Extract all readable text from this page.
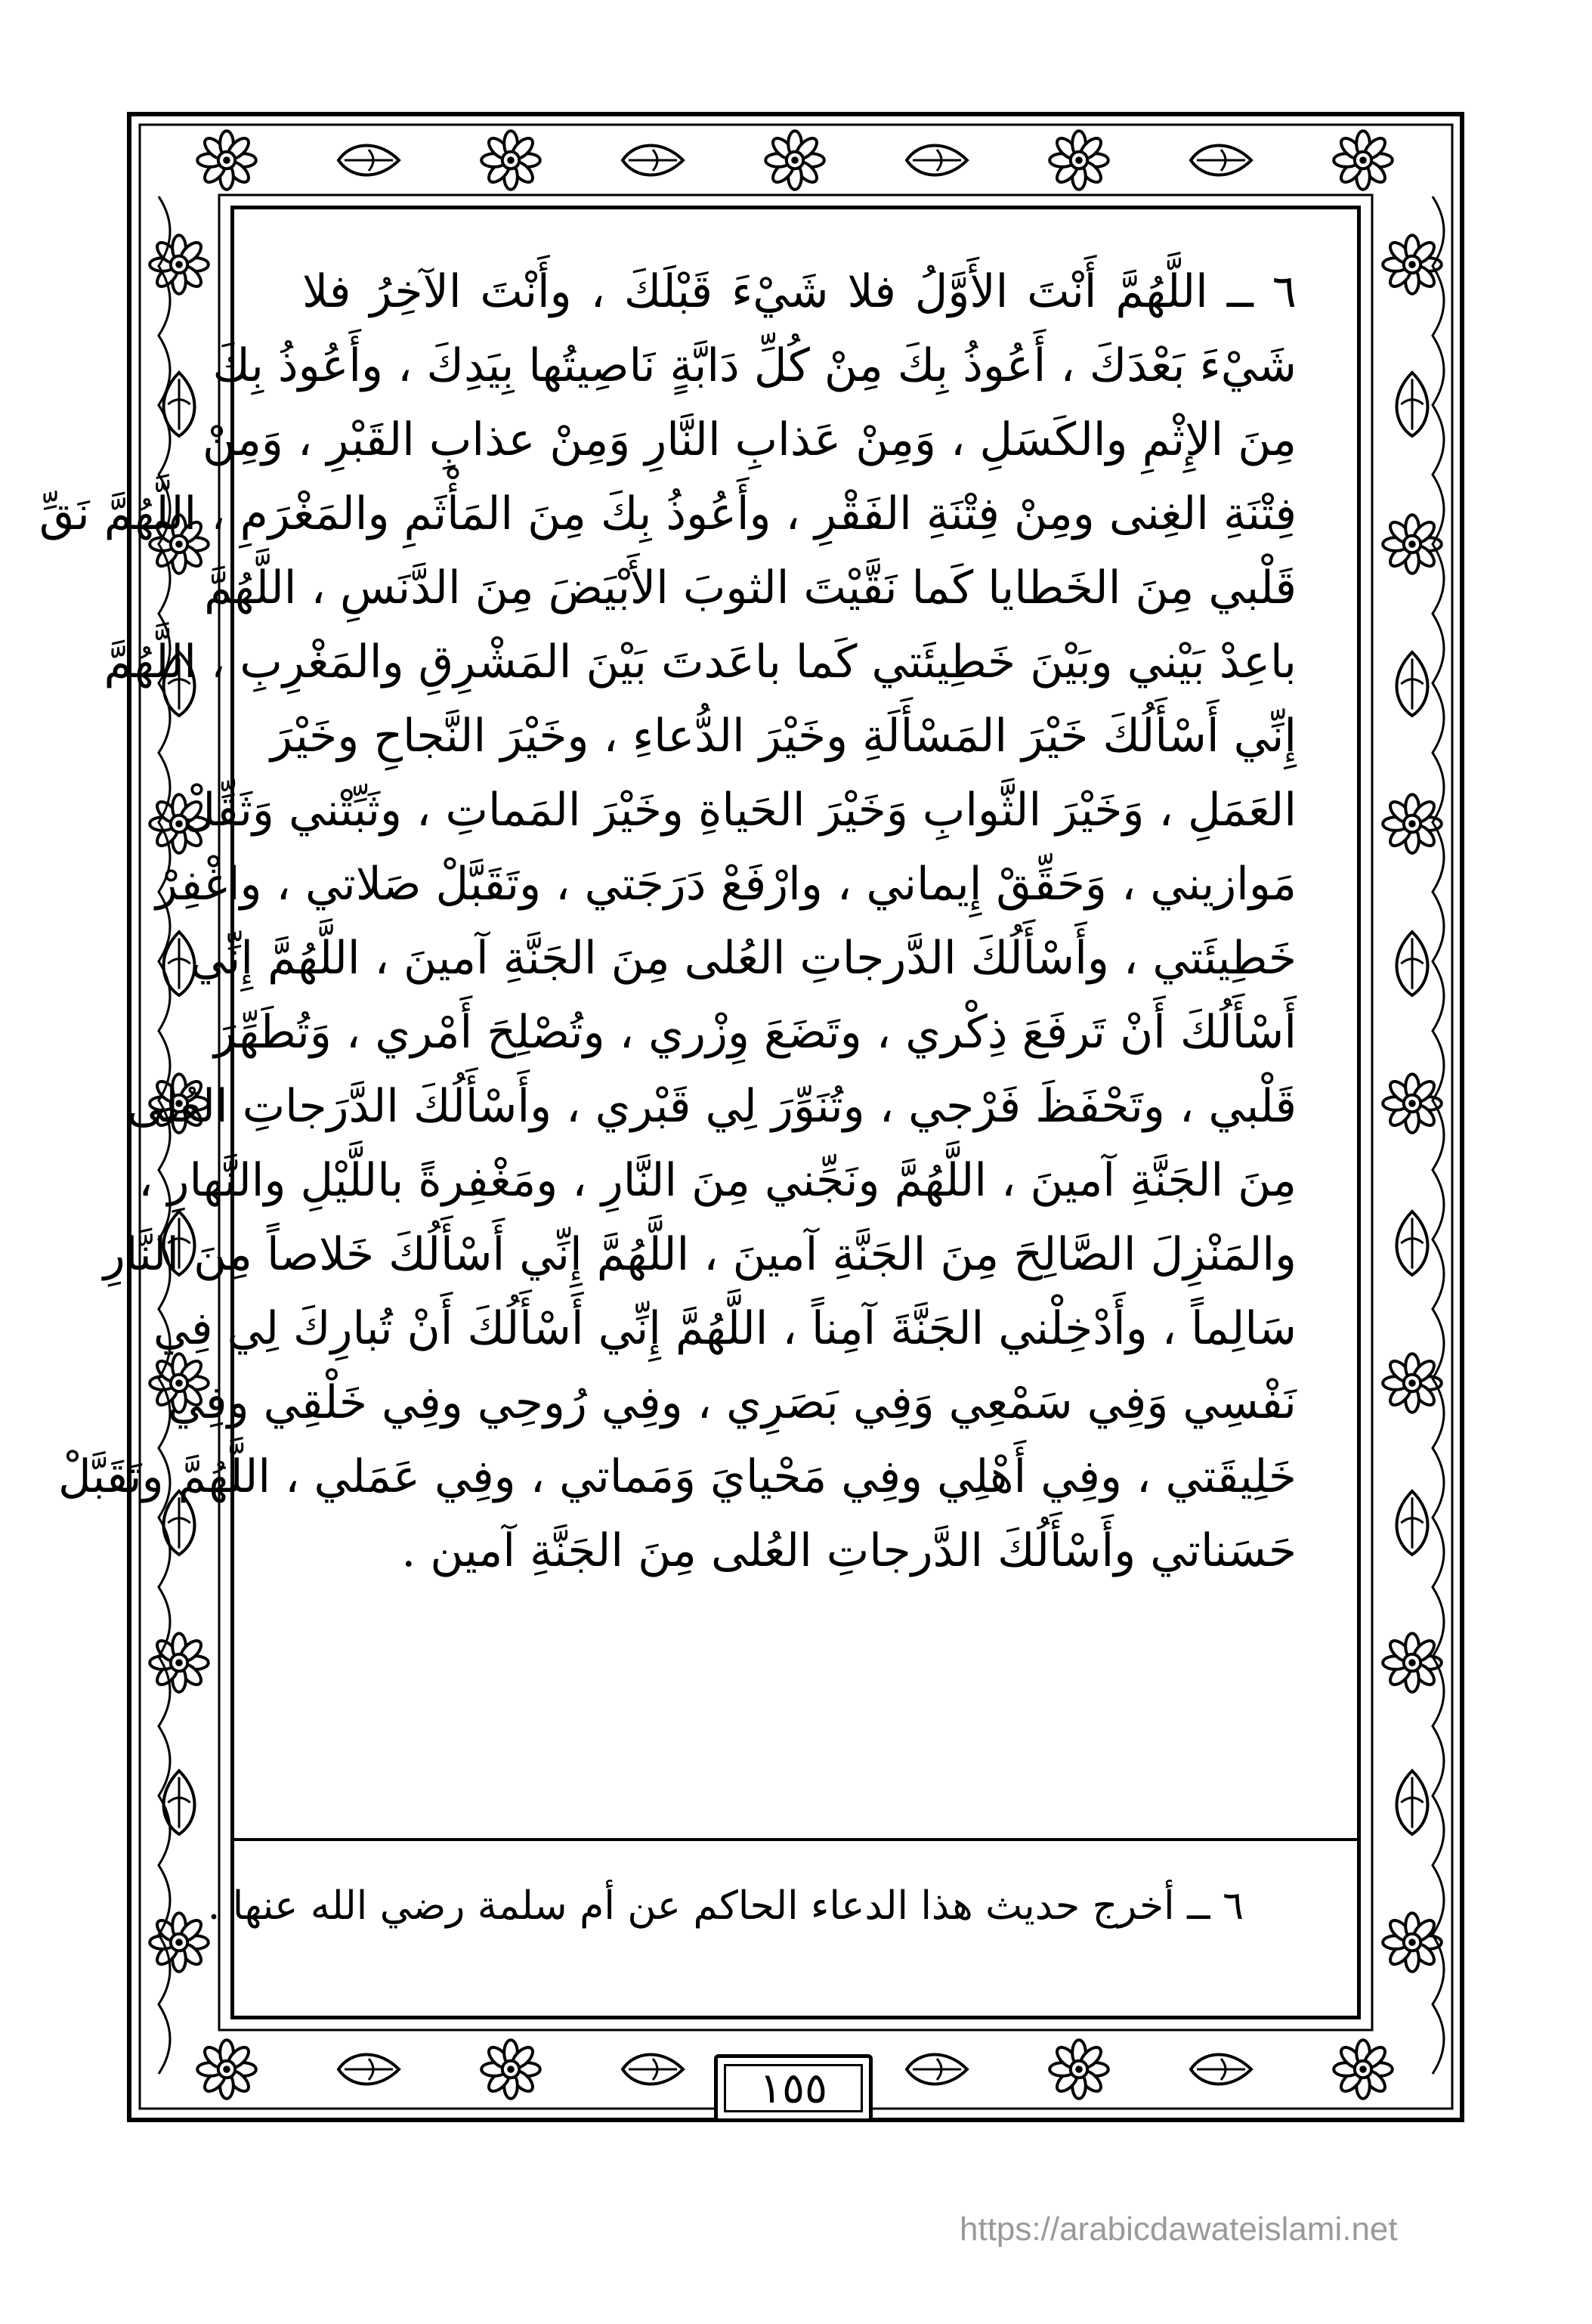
٦ ــ اللَّهُمَّ أَنْتَ الأَوَّلُ فلا شَيْءَ قَبْلَكَ ، وأَنْتَ الآخِرُ فلا
شَيْءَ بَعْدَكَ ، أَعُوذُ بِكَ مِنْ كُلِّ دَابَّةٍ نَاصِيتُها بِيَدِكَ ، وأَعُوذُ بِكَ
مِنَ الإِثْمِ والكَسَلِ ، وَمِنْ عَذابِ النَّارِ وَمِنْ عذابِ القَبْرِ ، وَمِنْ
فِتْنَةِ الغِنى ومِنْ فِتْنَةِ الفَقْرِ ، وأَعُوذُ بِكَ مِنَ المَأْثَمِ والمَغْرَمِ ، اللَّهُمَّ نَقِّ
قَلْبي مِنَ الخَطايا كَما نَقَّيْتَ الثوبَ الأَبْيَضَ مِنَ الدَّنَسِ ، اللَّهُمَّ
باعِدْ بَيْني وبَيْنَ خَطِيئَتي كَما باعَدتَ بَيْنَ المَشْرِقِ والمَغْرِبِ ، اللَّهُمَّ
إِنِّي أَسْأَلُكَ خَيْرَ المَسْأَلَةِ وخَيْرَ الدُّعاءِ ، وخَيْرَ النَّجاحِ وخَيْرَ
العَمَلِ ، وَخَيْرَ الثَّوابِ وَخَيْرَ الحَياةِ وخَيْرَ المَماتِ ، وثَبِّتْني وَثَقِّلْ
مَوازيني ، وَحَقِّقْ إِيماني ، وارْفَعْ دَرَجَتي ، وتَقَبَّلْ صَلاتي ، واغْفِرْ
خَطِيئَتي ، وأَسْأَلُكَ الدَّرجاتِ العُلى مِنَ الجَنَّةِ آمينَ ، اللَّهُمَّ إِنِّي
أَسْأَلُكَ أَنْ تَرفَعَ ذِكْري ، وتَضَعَ وِزْري ، وتُصْلِحَ أَمْري ، وَتُطَهِّرَ
قَلْبي ، وتَحْفَظَ فَرْجي ، وتُنَوِّرَ لِي قَبْري ، وأَسْأَلُكَ الدَّرَجاتِ العُلى
مِنَ الجَنَّةِ آمينَ ، اللَّهُمَّ ونَجِّني مِنَ النَّارِ ، ومَغْفِرةً باللَّيْلِ والنَّهارِ ،
والمَنْزِلَ الصَّالِحَ مِنَ الجَنَّةِ آمينَ ، اللَّهُمَّ إِنِّي أَسْأَلُكَ خَلاصاً مِنَ النَّارِ
سَالِماً ، وأَدْخِلْني الجَنَّةَ آمِناً ، اللَّهُمَّ إِنِّي أَسْأَلُكَ أَنْ تُبارِكَ لِي فِي
نَفْسِي وَفِي سَمْعِي وَفِي بَصَرِي ، وفِي رُوحِي وفِي خَلْقِي وفِي
خَلِيقَتي ، وفِي أَهْلِي وفِي مَحْيايَ وَمَماتي ، وفِي عَمَلي ، اللَّهُمَّ وتَقَبَّلْ
حَسَناتي وأَسْأَلُكَ الدَّرجاتِ العُلى مِنَ الجَنَّةِ آمين .
٦ ــ أخرج حديث هذا الدعاء الحاكم عن أم سلمة رضي الله عنها .
١٥٥
https://arabicdawateislami.net
